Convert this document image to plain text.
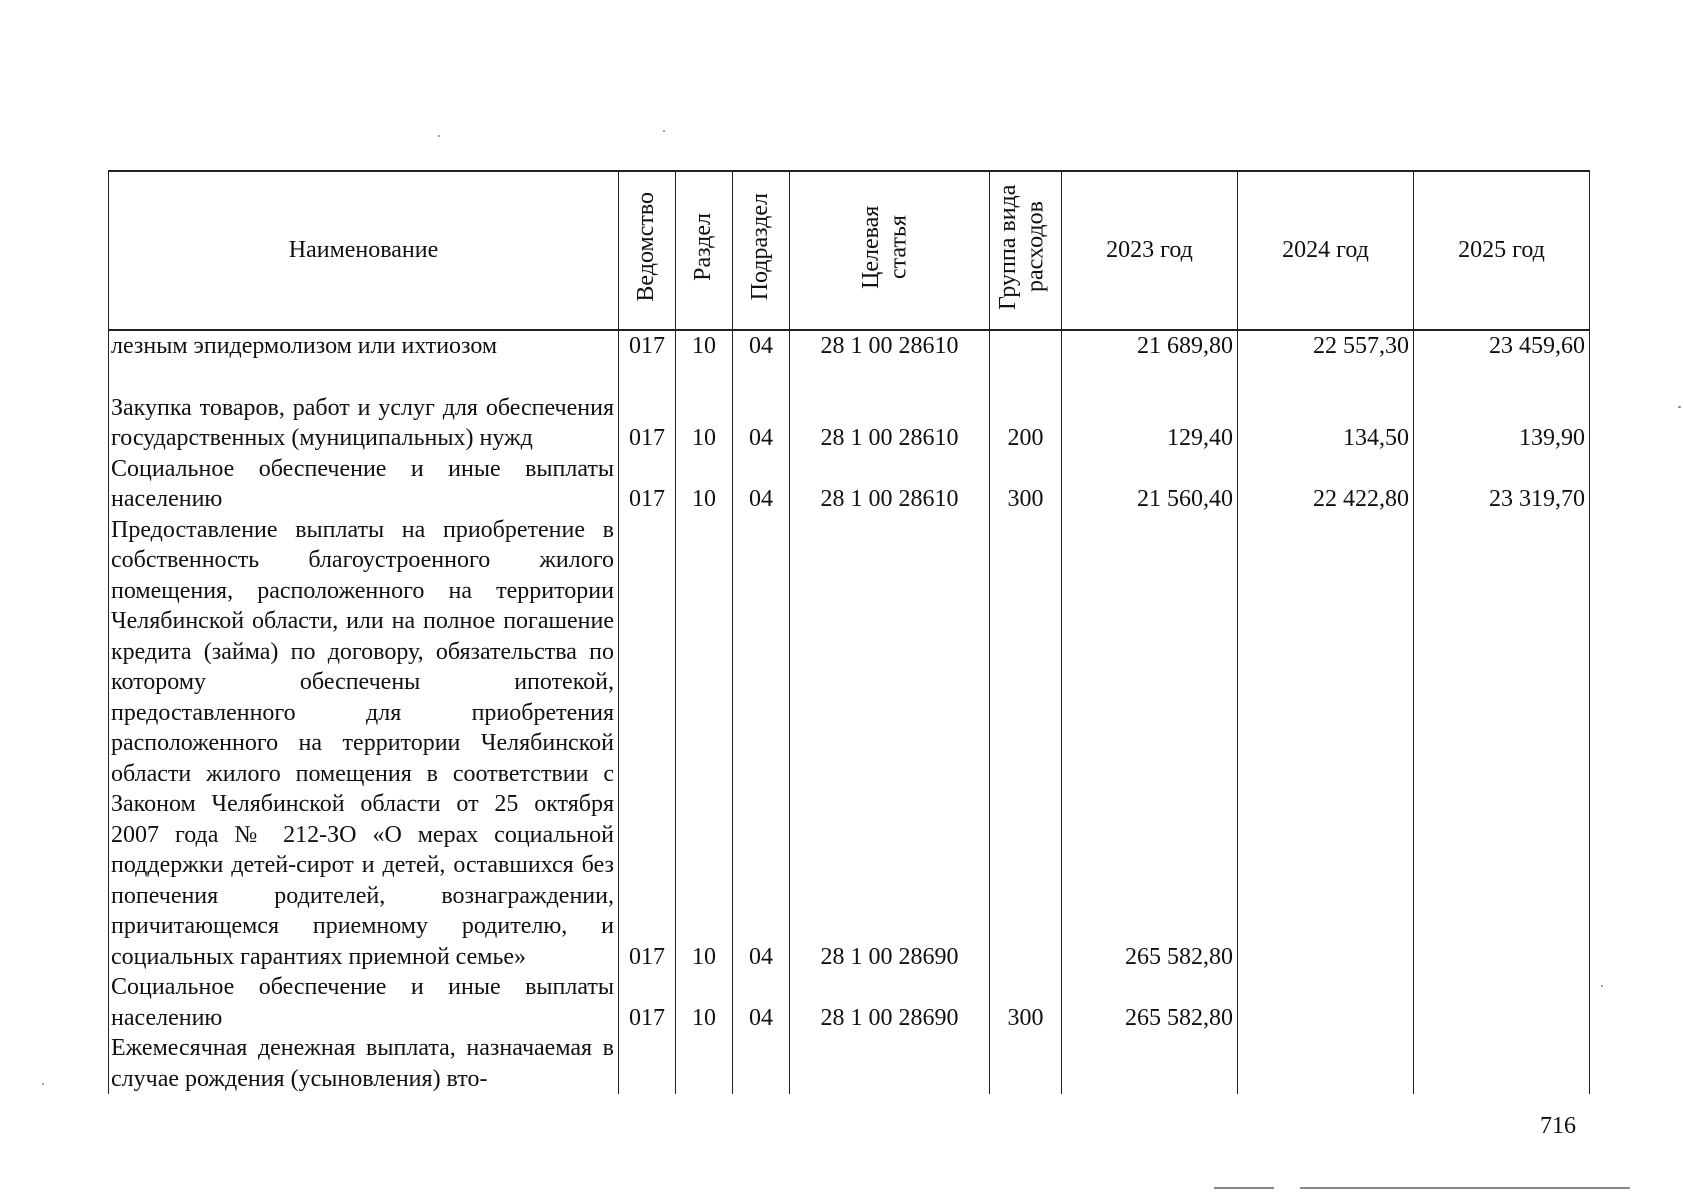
Наименование	Ведомство	Раздел	Подраздел	Целевая статья	Группа вида расходов	2023 год	2024 год	2025 год
лезным эпидермолизом или ихтиозом	017	10	04	28 1 00 28610		21 689,80	22 557,30	23 459,60
Закупка товаров, работ и услуг для обеспечения государственных (муниципальных) нужд	017	10	04	28 1 00 28610	200	129,40	134,50	139,90
Социальное обеспечение и иные выплаты населению	017	10	04	28 1 00 28610	300	21 560,40	22 422,80	23 319,70
Предоставление выплаты на приобретение в собственность благоустроенного жилого помещения, расположенного на территории Челябинской области, или на полное погашение кредита (займа) по договору, обязательства по которому обеспечены ипотекой, предоставленного для приобретения расположенного на территории Челябинской области жилого помещения в соответствии с Законом Челябинской области от 25 октября 2007 года № 212-ЗО «О мерах социальной поддержки детей-сирот и детей, оставшихся без попечения родителей, вознаграждении, причитающемся приемному родителю, и социальных гарантиях приемной семье»	017	10	04	28 1 00 28690		265 582,80		
Социальное обеспечение и иные выплаты населению	017	10	04	28 1 00 28690	300	265 582,80		
Ежемесячная денежная выплата, назначаемая в случае рождения (усыновления) вто-								
716
